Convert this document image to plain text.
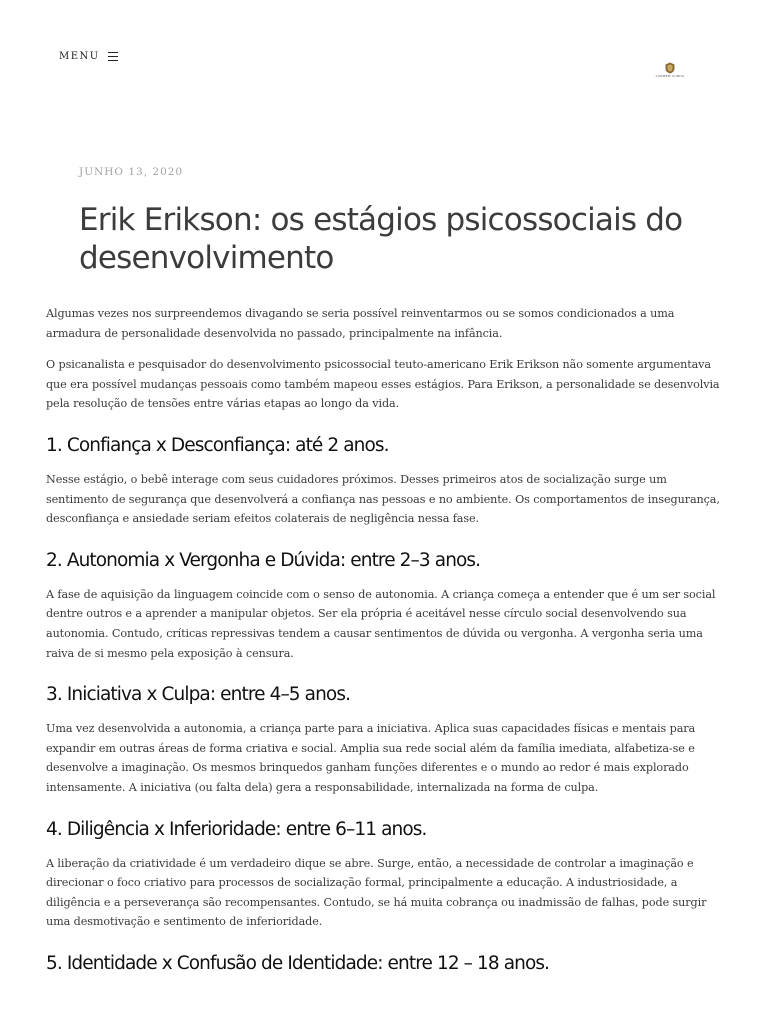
MENU
CARMEM CUNHA
JUNHO 13, 2020
Erik Erikson: os estágios psicossociais do desenvolvimento

Algumas vezes nos surpreendemos divagando se seria possível reinventarmos ou se somos condicionados a uma armadura de personalidade desenvolvida no passado, principalmente na infância.

O psicanalista e pesquisador do desenvolvimento psicossocial teuto-americano Erik Erikson não somente argumentava que era possível mudanças pessoais como também mapeou esses estágios. Para Erikson, a personalidade se desenvolvia pela resolução de tensões entre várias etapas ao longo da vida.

1. Confiança x Desconfiança: até 2 anos.

Nesse estágio, o bebê interage com seus cuidadores próximos. Desses primeiros atos de socialização surge um sentimento de segurança que desenvolverá a confiança nas pessoas e no ambiente. Os comportamentos de insegurança, desconfiança e ansiedade seriam efeitos colaterais de negligência nessa fase.

2. Autonomia x Vergonha e Dúvida: entre 2–3 anos.

A fase de aquisição da linguagem coincide com o senso de autonomia. A criança começa a entender que é um ser social dentre outros e a aprender a manipular objetos. Ser ela própria é aceitável nesse círculo social desenvolvendo sua autonomia. Contudo, críticas repressivas tendem a causar sentimentos de dúvida ou vergonha. A vergonha seria uma raiva de si mesmo pela exposição à censura.

3. Iniciativa x Culpa: entre 4–5 anos.

Uma vez desenvolvida a autonomia, a criança parte para a iniciativa. Aplica suas capacidades físicas e mentais para expandir em outras áreas de forma criativa e social. Amplia sua rede social além da família imediata, alfabetiza-se e desenvolve a imaginação. Os mesmos brinquedos ganham funções diferentes e o mundo ao redor é mais explorado intensamente. A iniciativa (ou falta dela) gera a responsabilidade, internalizada na forma de culpa.

4. Diligência x Inferioridade: entre 6–11 anos.

A liberação da criatividade é um verdadeiro dique se abre. Surge, então, a necessidade de controlar a imaginação e direcionar o foco criativo para processos de socialização formal, principalmente a educação. A industriosidade, a diligência e a perseverança são recompensantes. Contudo, se há muita cobrança ou inadmissão de falhas, pode surgir uma desmotivação e sentimento de inferioridade.

5. Identidade x Confusão de Identidade: entre 12 – 18 anos.
